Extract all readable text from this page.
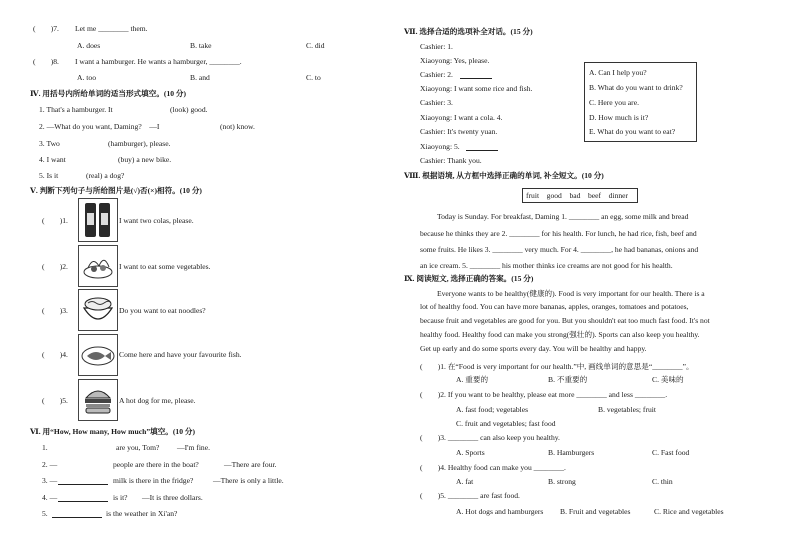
(　　)7. Let me ________ them.
A. does	B. take	C. did
(　　)8. I want a hamburger. He wants a hamburger, ________.
A. too	B. and	C. to
Ⅳ. 用括号内所给单词的适当形式填空。(10 分)
1. That's a hamburger. It	(look) good.
2. —What do you want, Daming?　—I	(not) know.
3. Two	(hamburger), please.
4. I want	(buy) a new bike.
5. Is it	(real) a dog?
Ⅴ. 判断下列句子与所给图片是(√)否(×)相符。(10 分)
(　　)1.	I want two colas, please.
(　　)2.	I want to eat some vegetables.
(　　)3.	Do you want to eat noodles?
(　　)4.	Come here and have your favourite fish.
(　　)5.	A hot dog for me, please.
Ⅵ. 用“How, How many, How much”填空。(10 分)
1.	are you, Tom? —I'm fine.
2. —	people are there in the boat?	—There are four.
3. —	milk is there in the fridge?	—There is only a little.
4. —	is it? —It is three dollars.
5.	is the weather in Xi'an?
Ⅶ. 选择合适的选项补全对话。(15 分)
Cashier: 1.
Xiaoyong: Yes, please.
Cashier: 2.
Xiaoyong: I want some rice and fish.
Cashier: 3.
Xiaoyong: I want a cola. 4.
Cashier: It's twenty yuan.
Xiaoyong: 5.
Cashier: Thank you.
A. Can I help you?
B. What do you want to drink?
C. Here you are.
D. How much is it?
E. What do you want to eat?
Ⅷ. 根据语境, 从方框中选择正确的单词, 补全短文。(10 分)
fruit　good　bad　beef　dinner
Today is Sunday. For breakfast, Daming 1. ________ an egg, some milk and bread
because he thinks they are 2. ________ for his health. For lunch, he had rice, fish, beef and
some fruits. He likes 3. ________ very much. For 4. ________, he had bananas, onions and
an ice cream. 5. ________ his mother thinks ice creams are not good for his health.
Ⅸ. 阅读短文, 选择正确的答案。(15 分)
Everyone wants to be healthy(健康的). Food is very important for our health. There is a
lot of healthy food. You can have more bananas, apples, oranges, tomatoes and potatoes,
because fruit and vegetables are good for you. But you shouldn't eat too much fast food. It's not
healthy food. Healthy food can make you strong(强壮的). Sports can also keep you healthy.
Get up early and do some sports every day. You will be healthy and happy.
(　　)1. 在“Food is very important for our health.”中, 画线单词的意思是“________”。
A. 重要的	B. 不重要的	C. 美味的
(　　)2. If you want to be healthy, please eat more ________ and less ________.
A. fast food; vegetables	B. vegetables; fruit
C. fruit and vegetables; fast food
(　　)3. ________ can also keep you healthy.
A. Sports	B. Hamburgers	C. Fast food
(　　)4. Healthy food can make you ________.
A. fat	B. strong	C. thin
(　　)5. ________ are fast food.
A. Hot dogs and hamburgers B. Fruit and vegetables	C. Rice and vegetables
